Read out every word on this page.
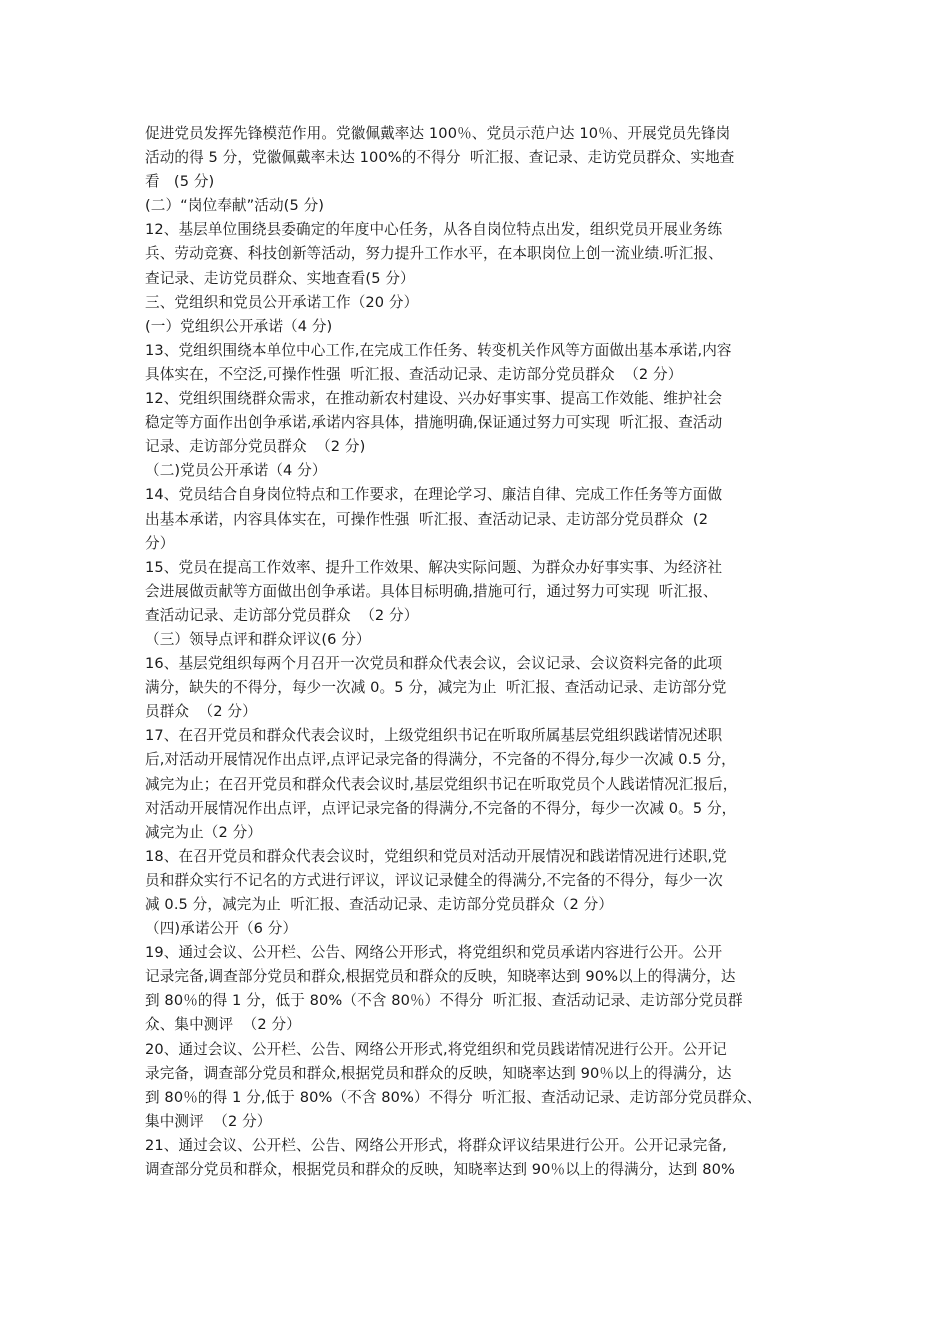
促进党员发挥先锋模范作用。党徽佩戴率达 100％、党员示范户达 10％、开展党员先锋岗
活动的得 5 分，党徽佩戴率未达 100%的不得分  听汇报、查记录、走访党员群众、实地查
看   (5 分)
(二）“岗位奉献”活动(5 分)
12、基层单位围绕县委确定的年度中心任务，从各自岗位特点出发，组织党员开展业务练
兵、劳动竞赛、科技创新等活动，努力提升工作水平，在本职岗位上创一流业绩.听汇报、
查记录、走访党员群众、实地查看(5 分）
三、党组织和党员公开承诺工作（20 分）
(一）党组织公开承诺（4 分)
13、党组织围绕本单位中心工作,在完成工作任务、转变机关作风等方面做出基本承诺,内容
具体实在，不空泛,可操作性强  听汇报、查活动记录、走访部分党员群众  （2 分）
12、党组织围绕群众需求，在推动新农村建设、兴办好事实事、提高工作效能、维护社会
稳定等方面作出创争承诺,承诺内容具体，措施明确,保证通过努力可实现  听汇报、查活动
记录、走访部分党员群众  （2 分)
（二)党员公开承诺（4 分）
14、党员结合自身岗位特点和工作要求，在理论学习、廉洁自律、完成工作任务等方面做
出基本承诺，内容具体实在，可操作性强  听汇报、查活动记录、走访部分党员群众  (2
分）
15、党员在提高工作效率、提升工作效果、解决实际问题、为群众办好事实事、为经济社
会进展做贡献等方面做出创争承诺。具体目标明确,措施可行，通过努力可实现  听汇报、
查活动记录、走访部分党员群众  （2 分）
（三）领导点评和群众评议(6 分）
16、基层党组织每两个月召开一次党员和群众代表会议，会议记录、会议资料完备的此项
满分，缺失的不得分，每少一次减 0。5 分，减完为止  听汇报、查活动记录、走访部分党
员群众  （2 分）
17、在召开党员和群众代表会议时，上级党组织书记在听取所属基层党组织践诺情况述职
后,对活动开展情况作出点评,点评记录完备的得满分，不完备的不得分,每少一次减 0.5 分，
减完为止；在召开党员和群众代表会议时,基层党组织书记在听取党员个人践诺情况汇报后，
对活动开展情况作出点评，点评记录完备的得满分,不完备的不得分，每少一次减 0。5 分，
减完为止（2 分）
18、在召开党员和群众代表会议时，党组织和党员对活动开展情况和践诺情况进行述职,党
员和群众实行不记名的方式进行评议，评议记录健全的得满分,不完备的不得分，每少一次
减 0.5 分，减完为止  听汇报、查活动记录、走访部分党员群众（2 分）
（四)承诺公开（6 分）
19、通过会议、公开栏、公告、网络公开形式，将党组织和党员承诺内容进行公开。公开
记录完备,调查部分党员和群众,根据党员和群众的反映，知晓率达到 90%以上的得满分，达
到 80％的得 1 分，低于 80%（不含 80％）不得分  听汇报、查活动记录、走访部分党员群
众、集中测评  （2 分）
20、通过会议、公开栏、公告、网络公开形式,将党组织和党员践诺情况进行公开。公开记
录完备，调查部分党员和群众,根据党员和群众的反映，知晓率达到 90％以上的得满分，达
到 80％的得 1 分,低于 80%（不含 80%）不得分  听汇报、查活动记录、走访部分党员群众、
集中测评  （2 分）
21、通过会议、公开栏、公告、网络公开形式，将群众评议结果进行公开。公开记录完备,
调查部分党员和群众，根据党员和群众的反映，知晓率达到 90％以上的得满分，达到 80%
